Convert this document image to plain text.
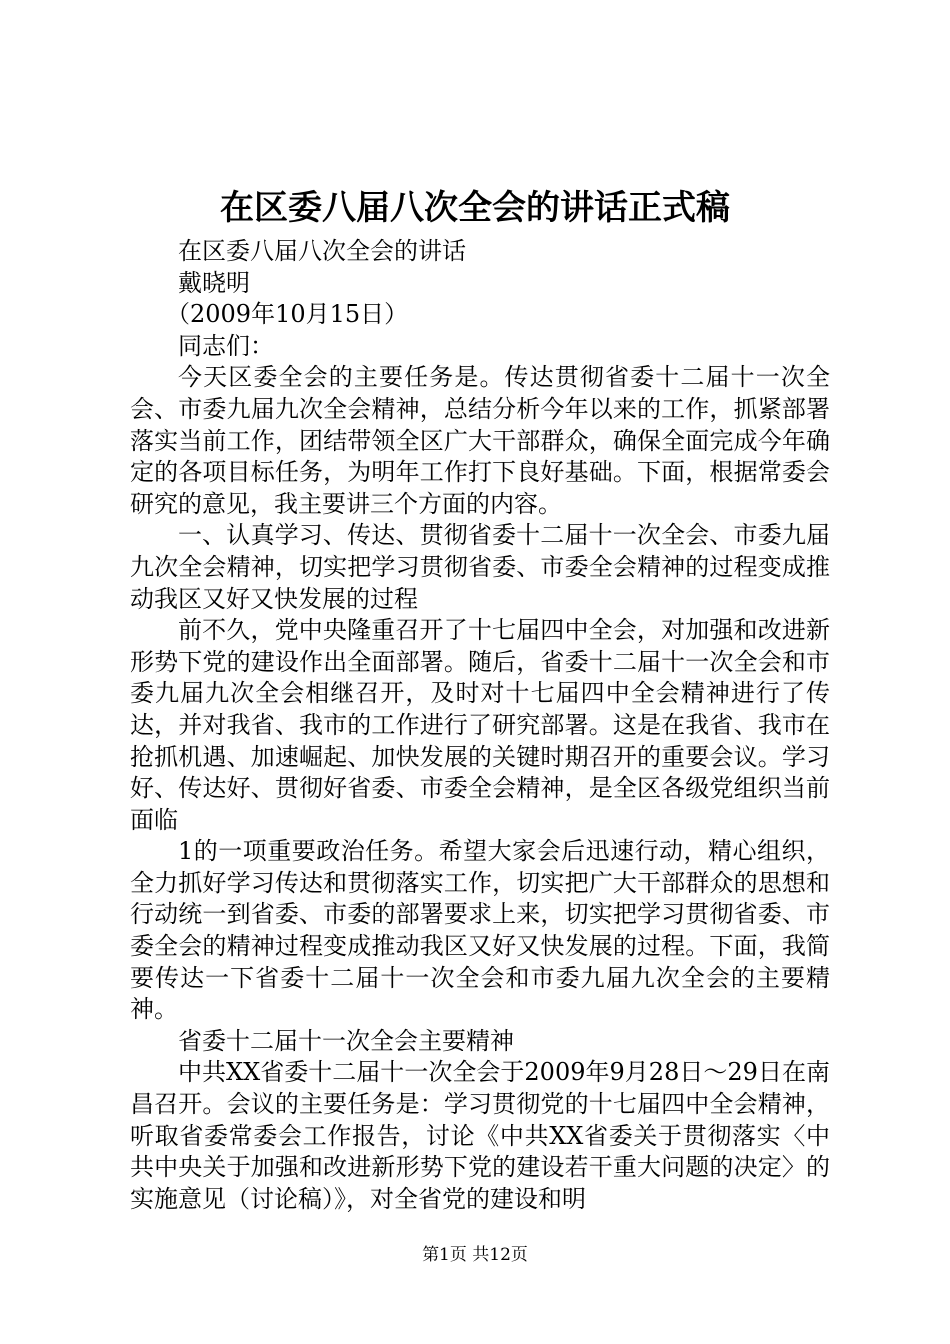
在区委八届八次全会的讲话正式稿

在区委八届八次全会的讲话

戴晓明

（2009年10月15日）

同志们：

今天区委全会的主要任务是。传达贯彻省委十二届十一次全会、市委九届九次全会精神，总结分析今年以来的工作，抓紧部署落实当前工作，团结带领全区广大干部群众，确保全面完成今年确定的各项目标任务，为明年工作打下良好基础。下面，根据常委会研究的意见，我主要讲三个方面的内容。

一、认真学习、传达、贯彻省委十二届十一次全会、市委九届九次全会精神，切实把学习贯彻省委、市委全会精神的过程变成推动我区又好又快发展的过程

前不久，党中央隆重召开了十七届四中全会，对加强和改进新形势下党的建设作出全面部署。随后，省委十二届十一次全会和市委九届九次全会相继召开，及时对十七届四中全会精神进行了传达，并对我省、我市的工作进行了研究部署。这是在我省、我市在抢抓机遇、加速崛起、加快发展的关键时期召开的重要会议。学习好、传达好、贯彻好省委、市委全会精神，是全区各级党组织当前面临

1的一项重要政治任务。希望大家会后迅速行动，精心组织，全力抓好学习传达和贯彻落实工作，切实把广大干部群众的思想和行动统一到省委、市委的部署要求上来，切实把学习贯彻省委、市委全会的精神过程变成推动我区又好又快发展的过程。下面，我简要传达一下省委十二届十一次全会和市委九届九次全会的主要精神。

省委十二届十一次全会主要精神

中共XX省委十二届十一次全会于2009年9月28日～29日在南昌召开。会议的主要任务是：学习贯彻党的十七届四中全会精神，听取省委常委会工作报告，讨论《中共XX省委关于贯彻落实〈中共中央关于加强和改进新形势下党的建设若干重大问题的决定〉的实施意见（讨论稿）》，对全省党的建设和明

第1页 共12页
